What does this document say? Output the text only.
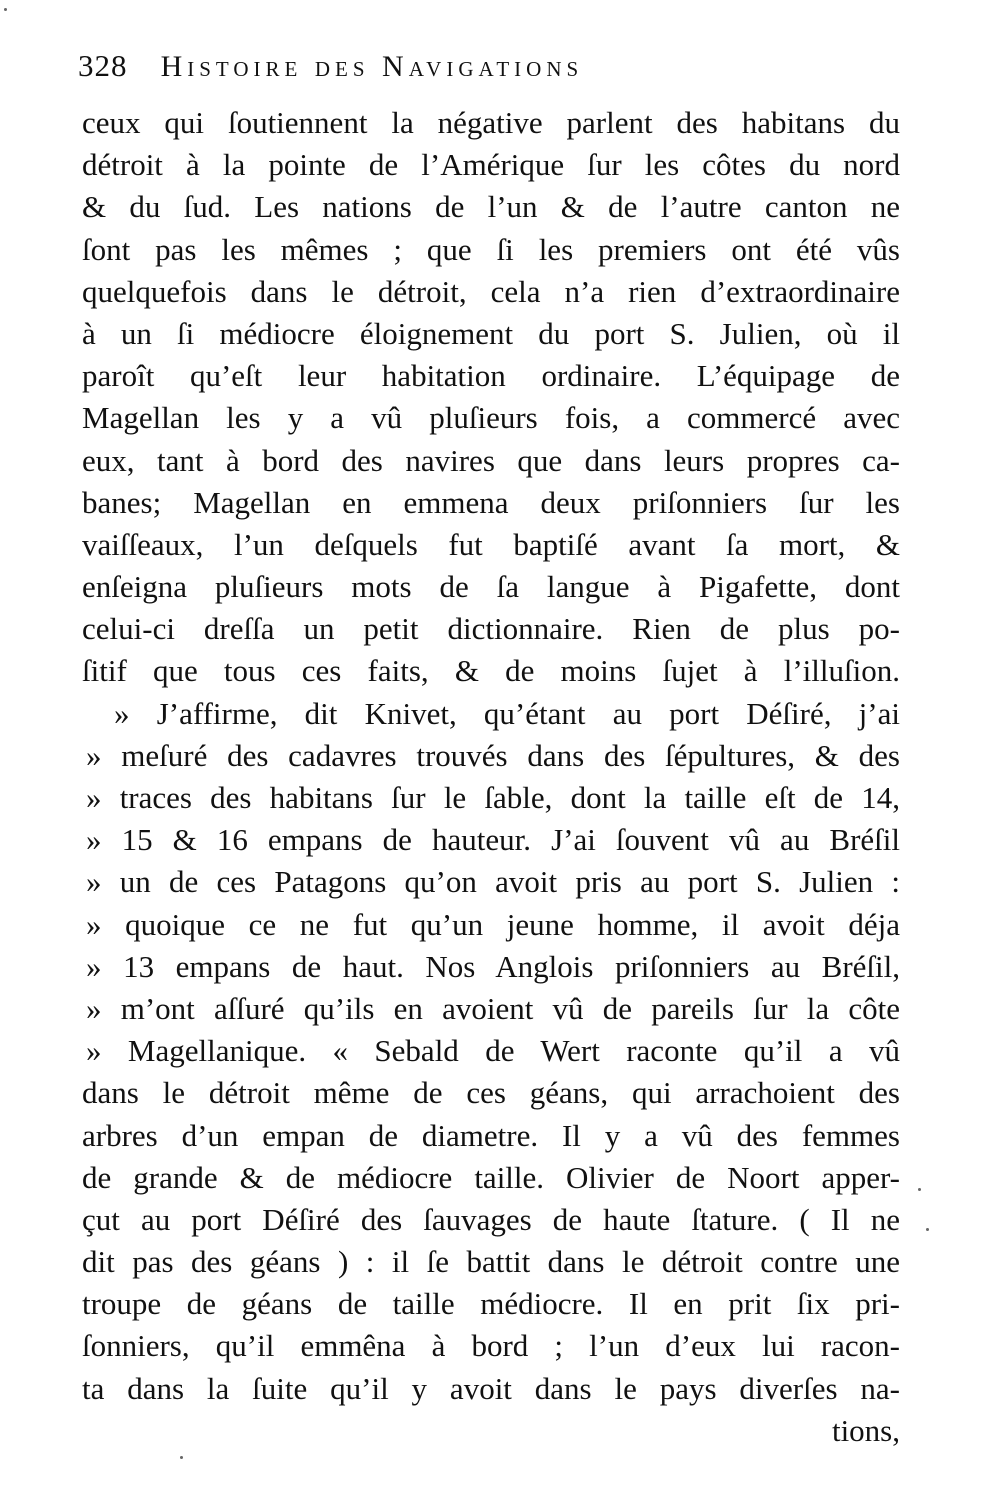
328 Histoire des Navigations
ceux qui ſoutiennent la négative parlent des habitans du
détroit à la pointe de l’Amérique ſur les côtes du nord
& du ſud. Les nations de l’un & de l’autre canton ne
ſont pas les mêmes ; que ſi les premiers ont été vûs
quelquefois dans le détroit, cela n’a rien d’extraordinaire
à un ſi médiocre éloignement du port S. Julien, où il
paroît qu’eſt leur habitation ordinaire. L’équipage de
Magellan les y a vû pluſieurs fois, a commercé avec
eux, tant à bord des navires que dans leurs propres ca-
banes; Magellan en emmena deux priſonniers ſur les
vaiſſeaux, l’un deſquels fut baptiſé avant ſa mort, &
enſeigna pluſieurs mots de ſa langue à Pigafette, dont
celui-ci dreſſa un petit dictionnaire. Rien de plus po-
ſitif que tous ces faits, & de moins ſujet à l’illuſion.
» J’affirme, dit Knivet, qu’étant au port Déſiré, j’ai
» meſuré des cadavres trouvés dans des ſépultures, & des
» traces des habitans ſur le ſable, dont la taille eſt de 14,
» 15 & 16 empans de hauteur. J’ai ſouvent vû au Bréſil
» un de ces Patagons qu’on avoit pris au port S. Julien :
» quoique ce ne fut qu’un jeune homme, il avoit déja
» 13 empans de haut. Nos Anglois priſonniers au Bréſil,
» m’ont aſſuré qu’ils en avoient vû de pareils ſur la côte
» Magellanique. « Sebald de Wert raconte qu’il a vû
dans le détroit même de ces géans, qui arrachoient des
arbres d’un empan de diametre. Il y a vû des femmes
de grande & de médiocre taille. Olivier de Noort apper-
çut au port Déſiré des ſauvages de haute ſtature. ( Il ne
dit pas des géans ) : il ſe battit dans le détroit contre une
troupe de géans de taille médiocre. Il en prit ſix pri-
ſonniers, qu’il emmêna à bord ; l’un d’eux lui racon-
ta dans la ſuite qu’il y avoit dans le pays diverſes na-
tions,
